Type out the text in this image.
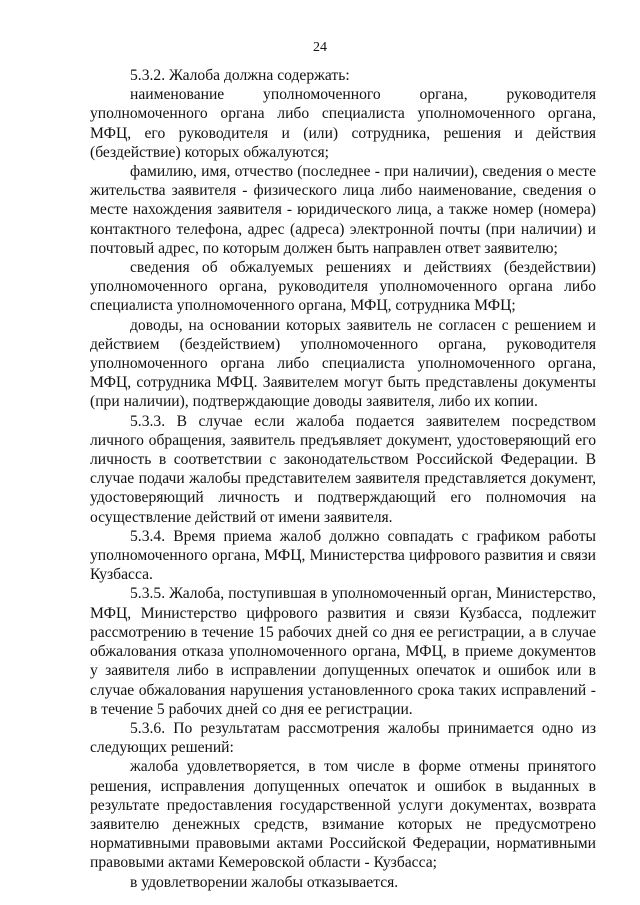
24

5.3.2. Жалоба должна содержать:

наименование уполномоченного органа, руководителя уполномоченного органа либо специалиста уполномоченного органа, МФЦ, его руководителя и (или) сотрудника, решения и действия (бездействие) которых обжалуются;

фамилию, имя, отчество (последнее - при наличии), сведения о месте жительства заявителя - физического лица либо наименование, сведения о месте нахождения заявителя - юридического лица, а также номер (номера) контактного телефона, адрес (адреса) электронной почты (при наличии) и почтовый адрес, по которым должен быть направлен ответ заявителю;

сведения об обжалуемых решениях и действиях (бездействии) уполномоченного органа, руководителя уполномоченного органа либо специалиста уполномоченного органа, МФЦ, сотрудника МФЦ;

доводы, на основании которых заявитель не согласен с решением и действием (бездействием) уполномоченного органа, руководителя уполномоченного органа либо специалиста уполномоченного органа, МФЦ, сотрудника МФЦ. Заявителем могут быть представлены документы (при наличии), подтверждающие доводы заявителя, либо их копии.

5.3.3. В случае если жалоба подается заявителем посредством личного обращения, заявитель предъявляет документ, удостоверяющий его личность в соответствии с законодательством Российской Федерации. В случае подачи жалобы представителем заявителя представляется документ, удостоверяющий личность и подтверждающий его полномочия на осуществление действий от имени заявителя.

5.3.4. Время приема жалоб должно совпадать с графиком работы уполномоченного органа, МФЦ, Министерства цифрового развития и связи Кузбасса.

5.3.5. Жалоба, поступившая в уполномоченный орган, Министерство, МФЦ, Министерство цифрового развития и связи Кузбасса, подлежит рассмотрению в течение 15 рабочих дней со дня ее регистрации, а в случае обжалования отказа уполномоченного органа, МФЦ, в приеме документов у заявителя либо в исправлении допущенных опечаток и ошибок или в случае обжалования нарушения установленного срока таких исправлений - в течение 5 рабочих дней со дня ее регистрации.

5.3.6. По результатам рассмотрения жалобы принимается одно из следующих решений:

жалоба удовлетворяется, в том числе в форме отмены принятого решения, исправления допущенных опечаток и ошибок в выданных в результате предоставления государственной услуги документах, возврата заявителю денежных средств, взимание которых не предусмотрено нормативными правовыми актами Российской Федерации, нормативными правовыми актами Кемеровской области - Кузбасса;

в удовлетворении жалобы отказывается.
